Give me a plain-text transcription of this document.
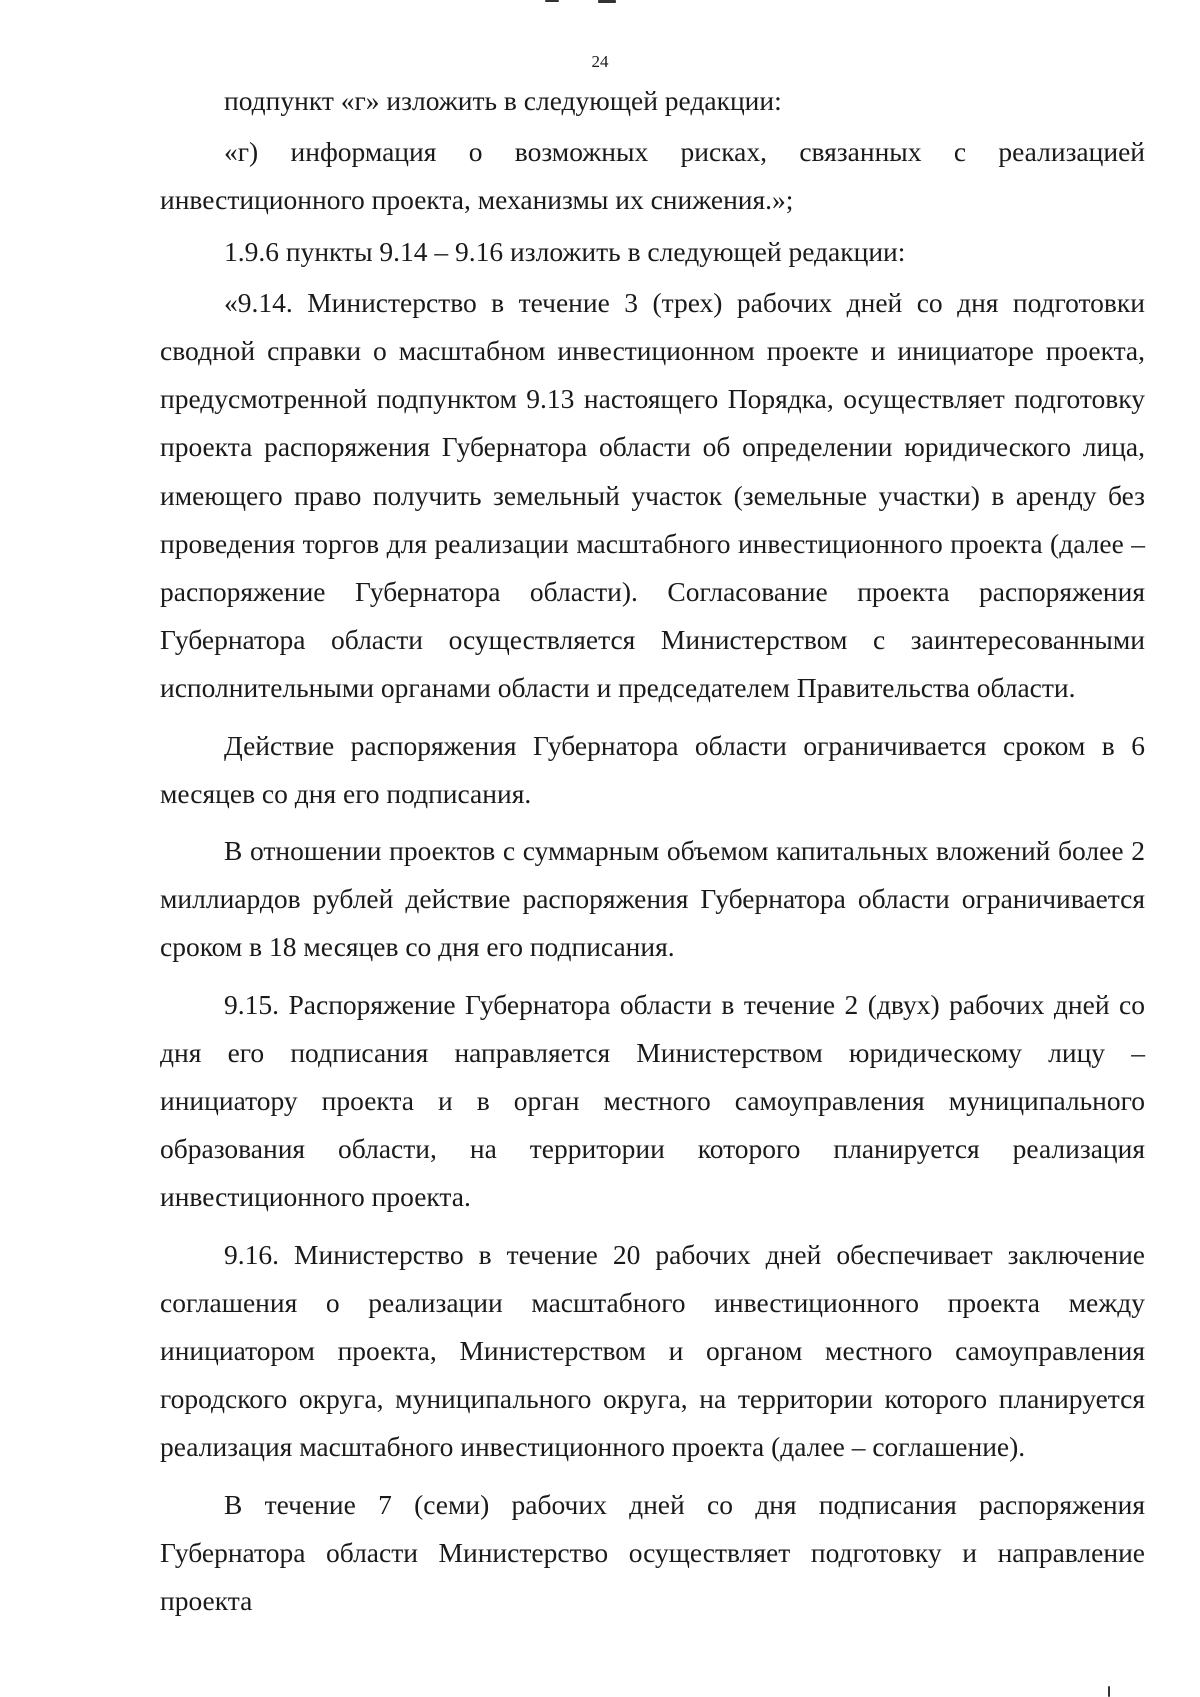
24

подпункт «г» изложить в следующей редакции:

«г) информация о возможных рисках, связанных с реализацией инвестиционного проекта, механизмы их снижения.»;

1.9.6 пункты 9.14 – 9.16 изложить в следующей редакции:

«9.14. Министерство в течение 3 (трех) рабочих дней со дня подготовки сводной справки о масштабном инвестиционном проекте и инициаторе проекта, предусмотренной подпунктом 9.13 настоящего Порядка, осуществляет подготовку проекта распоряжения Губернатора области об определении юридического лица, имеющего право получить земельный участок (земельные участки) в аренду без проведения торгов для реализации масштабного инвестиционного проекта (далее – распоряжение Губернатора области). Согласование проекта распоряжения Губернатора области осуществляется Министерством с заинтересованными исполнительными органами области и председателем Правительства области.

Действие распоряжения Губернатора области ограничивается сроком в 6 месяцев со дня его подписания.

В отношении проектов с суммарным объемом капитальных вложений более 2 миллиардов рублей действие распоряжения Губернатора области ограничивается сроком в 18 месяцев со дня его подписания.

9.15. Распоряжение Губернатора области в течение 2 (двух) рабочих дней со дня его подписания направляется Министерством юридическому лицу – инициатору проекта и в орган местного самоуправления муниципального образования области, на территории которого планируется реализация инвестиционного проекта.

9.16. Министерство в течение 20 рабочих дней обеспечивает заключение соглашения о реализации масштабного инвестиционного проекта между инициатором проекта, Министерством и органом местного самоуправления городского округа, муниципального округа, на территории которого планируется реализация масштабного инвестиционного проекта (далее – соглашение).

В течение 7 (семи) рабочих дней со дня подписания распоряжения Губернатора области Министерство осуществляет подготовку и направление проекта
